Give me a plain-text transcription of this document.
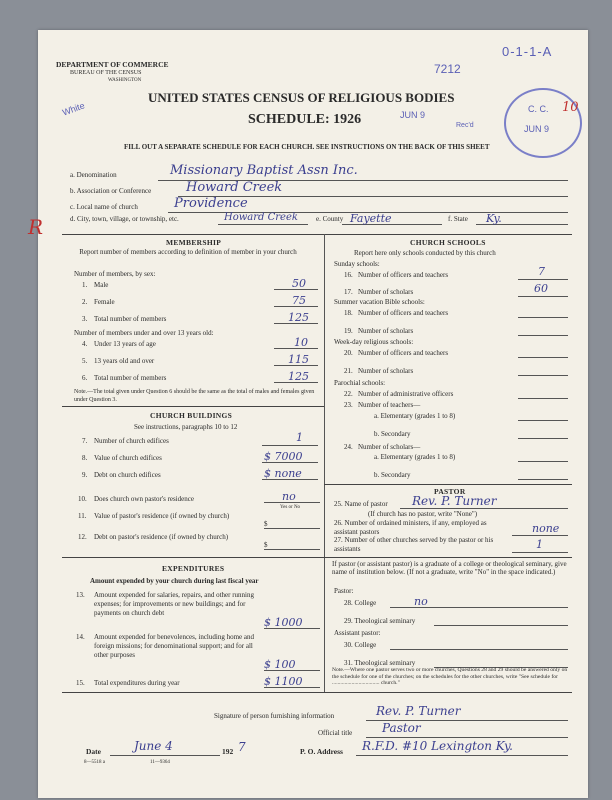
0-1-1-A
7212
White	JUN 9
Rec'd
C. C.
JUN 9
10
R
DEPARTMENT OF COMMERCE
BUREAU OF THE CENSUS
WASHINGTON
UNITED STATES CENSUS OF RELIGIOUS BODIES
SCHEDULE: 1926
FILL OUT A SEPARATE SCHEDULE FOR EACH CHURCH. SEE INSTRUCTIONS ON THE BACK OF THIS SHEET
a. Denomination	Missionary Baptist Assn Inc.
b. Association or Conference	Howard Creek
c. Local name of church	Providence
d. City, town, village, or township, etc.	Howard Creek	e. County Fayette	f. State Ky.
MEMBERSHIP
Report number of members according to definition of member in your church
Number of members, by sex:
1. Male	50
2. Female	75
3. Total number of members	125
Number of members under and over 13 years old:
4. Under 13 years of age	10
5. 13 years old and over	115
6. Total number of members	125
Note.—The total given under Question 6 should be the same as the total of males and females given under Question 3.
CHURCH BUILDINGS
See instructions, paragraphs 10 to 12
7. Number of church edifices	1
8. Value of church edifices	$ 7000
9. Debt on church edifices	$ none
10. Does church own pastor's residence	no
Yes or No
11. Value of pastor's residence (if owned by church)
$
12. Debt on pastor's residence (if owned by church)
$
EXPENDITURES
Amount expended by your church during last fiscal year
13. Amount expended for salaries, repairs, and other running expenses; for improvements or new buildings; and for payments on church debt
$ 1000
14. Amount expended for benevolences, including home and foreign missions; for denominational support; and for all other purposes
$ 100
15. Total expenditures during year	$ 1100
CHURCH SCHOOLS
Report here only schools conducted by this church
Sunday schools:
16. Number of officers and teachers	7
17. Number of scholars	60
Summer vacation Bible schools:
18. Number of officers and teachers
19. Number of scholars
Week-day religious schools:
20. Number of officers and teachers
21. Number of scholars
Parochial schools:
22. Number of administrative officers
23. Number of teachers—
a. Elementary (grades 1 to 8)
b. Secondary
24. Number of scholars—
a. Elementary (grades 1 to 8)
b. Secondary
PASTOR
25. Name of pastor Rev. P. Turner
(If church has no pastor, write "None")
26. Number of ordained ministers, if any, employed as assistant pastors	none
27. Number of other churches served by the pastor or his assistants	1
If pastor (or assistant pastor) is a graduate of a college or theological seminary, give name of institution below. (If not a graduate, write "No" in the space indicated.)
Pastor:
28. College	no
29. Theological seminary
Assistant pastor:
30. College
31. Theological seminary
Note.—Where one pastor serves two or more churches, Questions 28 and 29 should be answered only on the schedule for one of the churches; on the schedules for the other churches, write "See schedule for .................................. church."
Signature of person furnishing information	Rev. P. Turner
Official title Pastor
Date	June 4	192 7	P. O. Address R.F.D. #10 Lexington Ky.
8—5518 a	11—9364
